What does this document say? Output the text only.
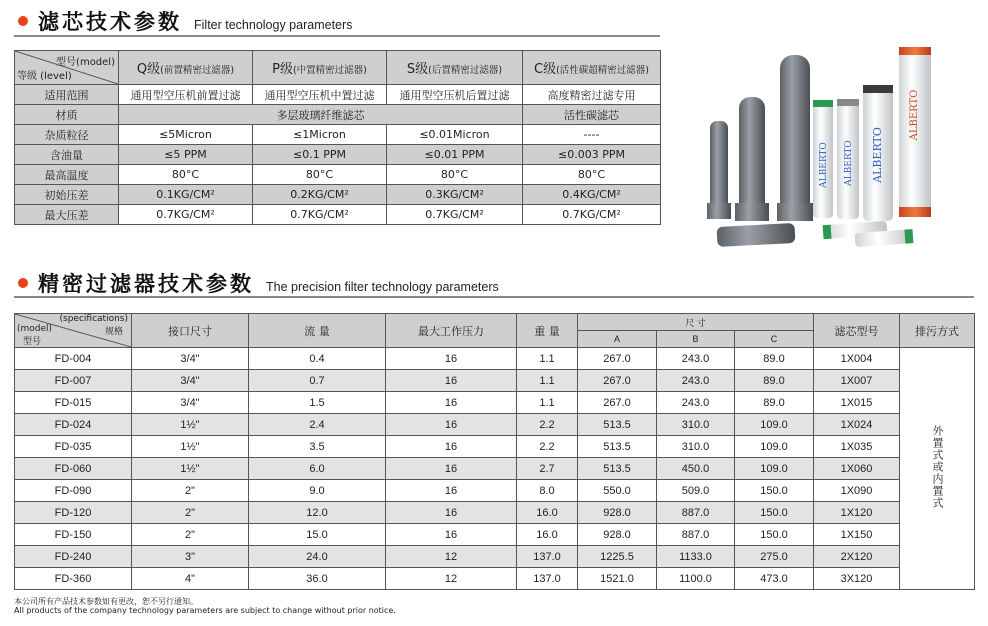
滤芯技术参数 Filter technology parameters
型号(model)
等级 (level)	Q级(前置精密过滤器)	P级(中置精密过滤器)	S级(后置精密过滤器)	C级(活性碳超精密过滤器)
适用范围	通用型空压机前置过滤	通用型空压机中置过滤	通用型空压机后置过滤	高度精密过滤专用
材质	多层玻璃纤维滤芯			活性碳滤芯
杂质粒径	≤5Micron	≤1Micron	≤0.01Micron	----
含油量	≤5 PPM	≤0.1 PPM	≤0.01 PPM	≤0.003 PPM
最高温度	80°C	80°C	80°C	80°C
初始压差	0.1KG/CM²	0.2KG/CM²	0.3KG/CM²	0.4KG/CM²
最大压差	0.7KG/CM²	0.7KG/CM²	0.7KG/CM²	0.7KG/CM²
ALBERTO ALBERTO ALBERTO
ALBERTO
精密过滤器技术参数 The precision filter technology parameters
(specifications)
规格
(model)
型号	接口尺寸	流 量	最大工作压力	重 量	尺 寸			滤芯型号	排污方式
					A	B	C		
FD-004	3/4"	0.4	16	1.1	267.0	243.0	89.0	1X004	外置式或内置式
FD-007	3/4"	0.7	16	1.1	267.0	243.0	89.0	1X007	
FD-015	3/4"	1.5	16	1.1	267.0	243.0	89.0	1X015	
FD-024	1½"	2.4	16	2.2	513.5	310.0	109.0	1X024	
FD-035	1½"	3.5	16	2.2	513.5	310.0	109.0	1X035	
FD-060	1½"	6.0	16	2.7	513.5	450.0	109.0	1X060	
FD-090	2"	9.0	16	8.0	550.0	509.0	150.0	1X090	
FD-120	2"	12.0	16	16.0	928.0	887.0	150.0	1X120	
FD-150	2"	15.0	16	16.0	928.0	887.0	150.0	1X150	
FD-240	3"	24.0	12	137.0	1225.5	1133.0	275.0	2X120	
FD-360	4"	36.0	12	137.0	1521.0	1100.0	473.0	3X120	
本公司所有产品技术参数如有更改，恕不另行通知。
All products of the company technology parameters are subject to change without prior notice.
